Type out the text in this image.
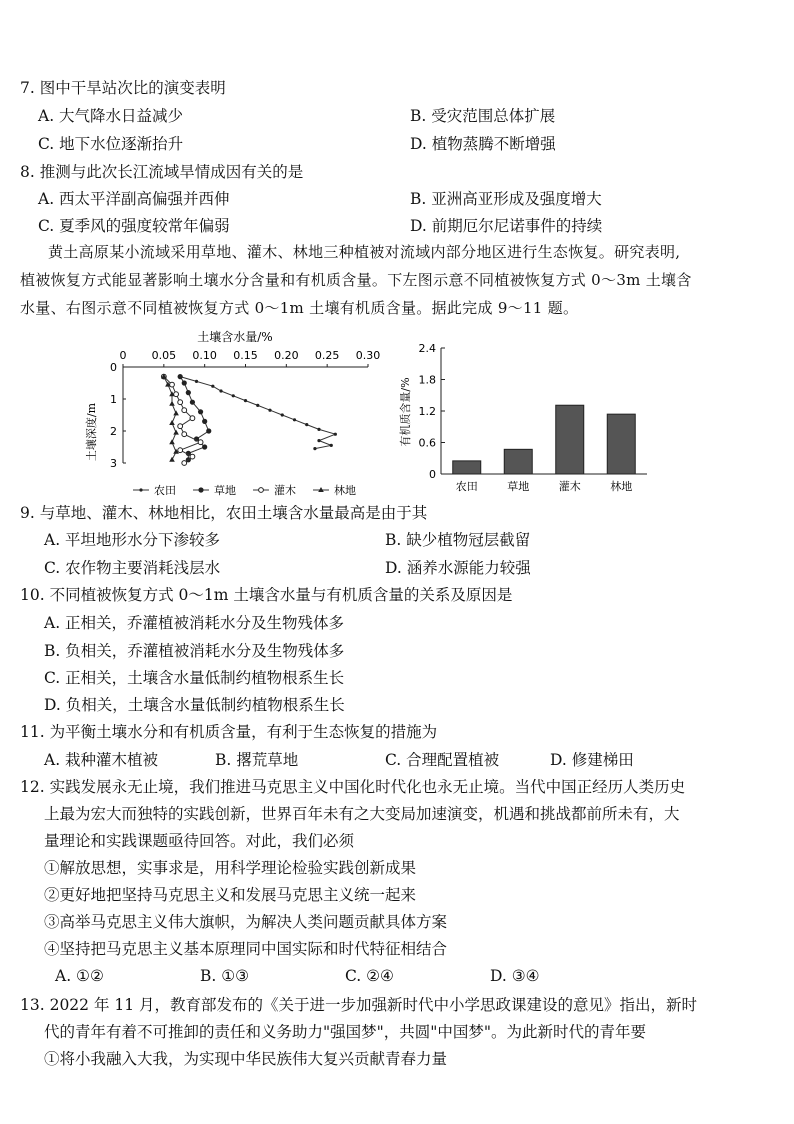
7. 图中干旱站次比的演变表明
A. 大气降水日益减少	B. 受灾范围总体扩展
C. 地下水位逐渐抬升	D. 植物蒸腾不断增强
8. 推测与此次长江流域旱情成因有关的是
A. 西太平洋副高偏强并西伸	B. 亚洲高亚形成及强度增大
C. 夏季风的强度较常年偏弱	D. 前期厄尔尼诺事件的持续

黄土高原某小流域采用草地、灌木、林地三种植被对流域内部分地区进行生态恢复。研究表明,

植被恢复方式能显著影响土壤水分含量和有机质含量。下左图示意不同植被恢复方式 0～3m 土壤含

水量、右图示意不同植被恢复方式 0～1m 土壤有机质含量。据此完成 9～11 题。

土壤含水量/%
0 0.05 0.10 0.15 0.20 0.25 0.30
0
1
2
3
土壤深度/m
农田	草地	灌木	林地
有机质含量/%
0
0.6
1.2
1.8
2.4
农田	草地	灌木	林地
9. 与草地、灌木、林地相比，农田土壤含水量最高是由于其
A. 平坦地形水分下渗较多	B. 缺少植物冠层截留
C. 农作物主要消耗浅层水	D. 涵养水源能力较强
10. 不同植被恢复方式 0～1m 土壤含水量与有机质含量的关系及原因是
A. 正相关，乔灌植被消耗水分及生物残体多
B. 负相关，乔灌植被消耗水分及生物残体多
C. 正相关，土壤含水量低制约植物根系生长
D. 负相关，土壤含水量低制约植物根系生长
11. 为平衡土壤水分和有机质含量，有利于生态恢复的措施为
A. 栽种灌木植被	B. 撂荒草地	C. 合理配置植被	D. 修建梯田
12. 实践发展永无止境，我们推进马克思主义中国化时代化也永无止境。当代中国正经历人类历史
上最为宏大而独特的实践创新，世界百年未有之大变局加速演变，机遇和挑战都前所未有，大
量理论和实践课题亟待回答。对此，我们必须
①解放思想，实事求是，用科学理论检验实践创新成果
②更好地把坚持马克思主义和发展马克思主义统一起来
③高举马克思主义伟大旗帜，为解决人类问题贡献具体方案
④坚持把马克思主义基本原理同中国实际和时代特征相结合
A. ①②	B. ①③	C. ②④	D. ③④
13. 2022 年 11 月，教育部发布的《关于进一步加强新时代中小学思政课建设的意见》指出，新时
代的青年有着不可推卸的责任和义务助力"强国梦"，共圆"中国梦"。为此新时代的青年要
①将小我融入大我，为实现中华民族伟大复兴贡献青春力量
